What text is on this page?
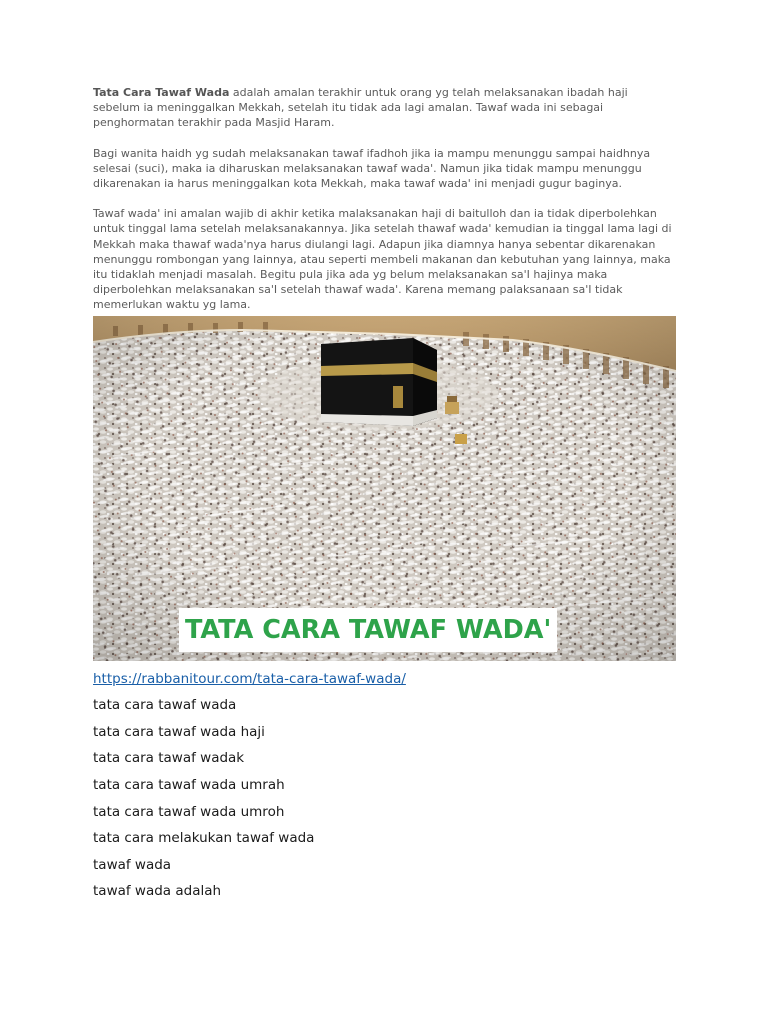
Tata Cara Tawaf Wada adalah amalan terakhir untuk orang yg telah melaksanakan ibadah haji sebelum ia meninggalkan Mekkah, setelah itu tidak ada lagi amalan. Tawaf wada ini sebagai penghormatan terakhir pada Masjid Haram.

Bagi wanita haidh yg sudah melaksanakan tawaf ifadhoh jika ia mampu menunggu sampai haidhnya selesai (suci), maka ia diharuskan melaksanakan tawaf wada'. Namun jika tidak mampu menunggu dikarenakan ia harus meninggalkan kota Mekkah, maka tawaf wada' ini menjadi gugur baginya.

Tawaf wada' ini amalan wajib di akhir ketika malaksanakan haji di baitulloh dan ia tidak diperbolehkan untuk tinggal lama setelah melaksanakannya. Jika setelah thawaf wada' kemudian ia tinggal lama lagi di Mekkah maka thawaf wada'nya harus diulangi lagi. Adapun jika diamnya hanya sebentar dikarenakan menunggu rombongan yang lainnya, atau seperti membeli makanan dan kebutuhan yang lainnya, maka itu tidaklah menjadi masalah. Begitu pula jika ada yg belum melaksanakan sa'I hajinya maka diperbolehkan melaksanakan sa'I setelah thawaf wada'. Karena memang palaksanaan sa'I tidak memerlukan waktu yg lama.

TATA CARA TAWAF WADA'
https://rabbanitour.com/tata-cara-tawaf-wada/
tata cara tawaf wada
tata cara tawaf wada haji
tata cara tawaf wadak
tata cara tawaf wada umrah
tata cara tawaf wada umroh
tata cara melakukan tawaf wada
tawaf wada
tawaf wada adalah
